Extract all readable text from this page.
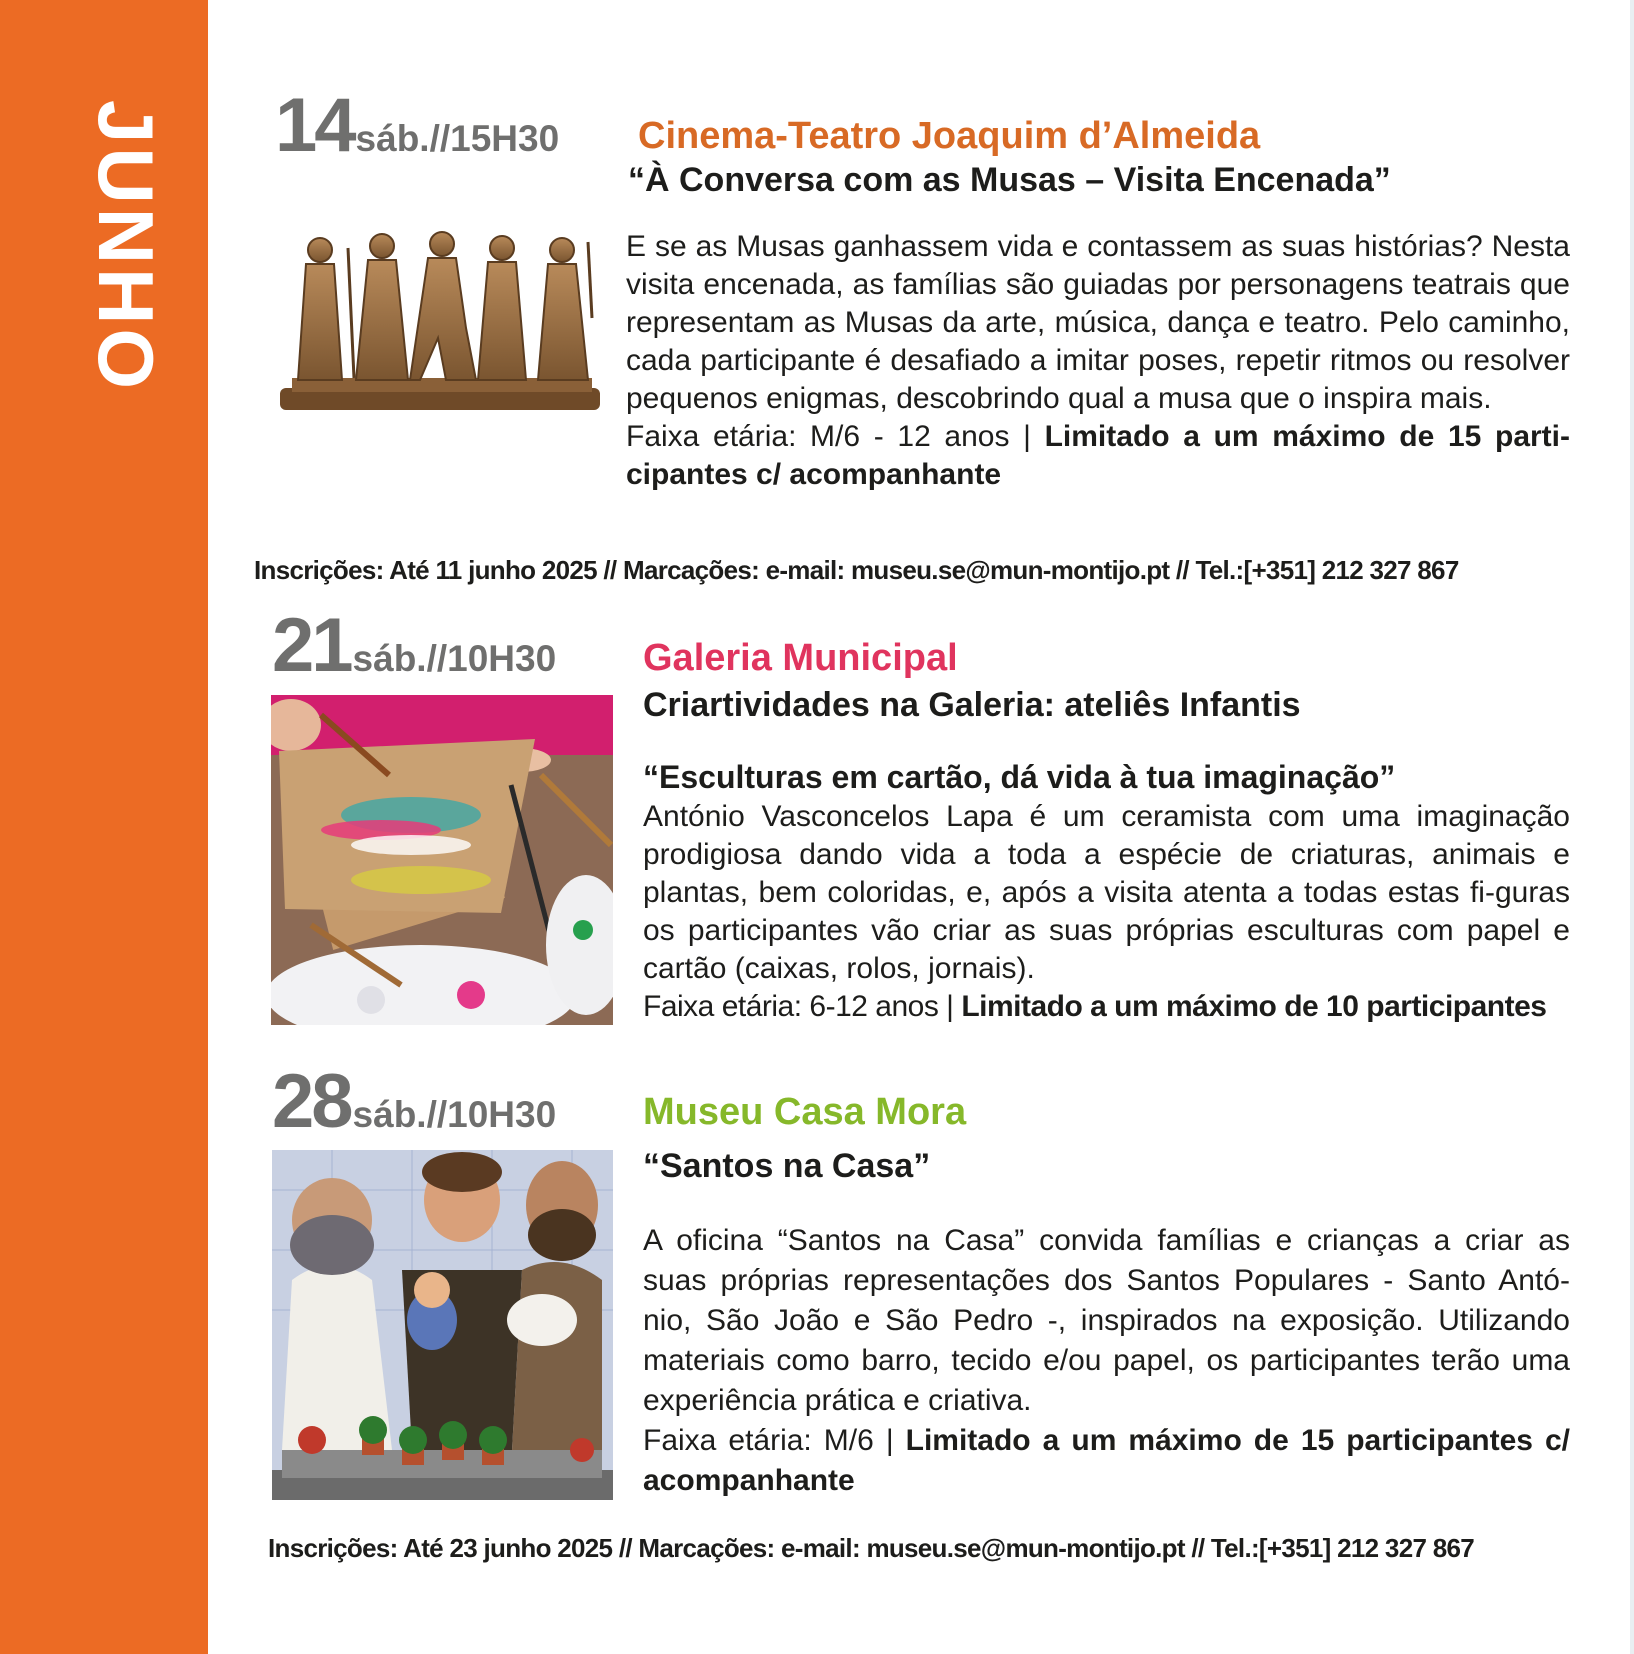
JUNHO 14sáb.//15H30 Cinema-Teatro Joaquim d’Almeida
“À Conversa com as Musas – Visita Encenada”
E se as Musas ganhassem vida e contassem as suas histórias? Nesta visita encenada, as famílias são guiadas por personagens teatrais que representam as Musas da arte, música, dança e teatro. Pelo caminho, cada participante é desafiado a imitar poses, repetir ritmos ou resolver pequenos enigmas, descobrindo qual a musa que o inspira mais.
Faixa etária: M/6 - 12 anos | Limitado a um máximo de 15 parti-cipantes c/ acompanhante
Inscrições: Até 11 junho 2025 // Marcações: e-mail: museu.se@mun-montijo.pt // Tel.:[+351] 212 327 867
21sáb.//10H30 Galeria Municipal
Criartividades na Galeria: ateliês Infantis
“Esculturas em cartão, dá vida à tua imaginação”
António Vasconcelos Lapa é um ceramista com uma imaginação prodigiosa dando vida a toda a espécie de criaturas, animais e plantas, bem coloridas, e, após a visita atenta a todas estas fi-guras os participantes vão criar as suas próprias esculturas com papel e cartão (caixas, rolos, jornais).
Faixa etária: 6-12 anos | Limitado a um máximo de 10 participantes
28sáb.//10H30 Museu Casa Mora
“Santos na Casa”
A oficina “Santos na Casa” convida famílias e crianças a criar as suas próprias representações dos Santos Populares - Santo Antó-nio, São João e São Pedro -, inspirados na exposição. Utilizando materiais como barro, tecido e/ou papel, os participantes terão uma experiência prática e criativa.
Faixa etária: M/6 | Limitado a um máximo de 15 participantes c/ acompanhante
Inscrições: Até 23 junho 2025 // Marcações: e-mail: museu.se@mun-montijo.pt // Tel.:[+351] 212 327 867
